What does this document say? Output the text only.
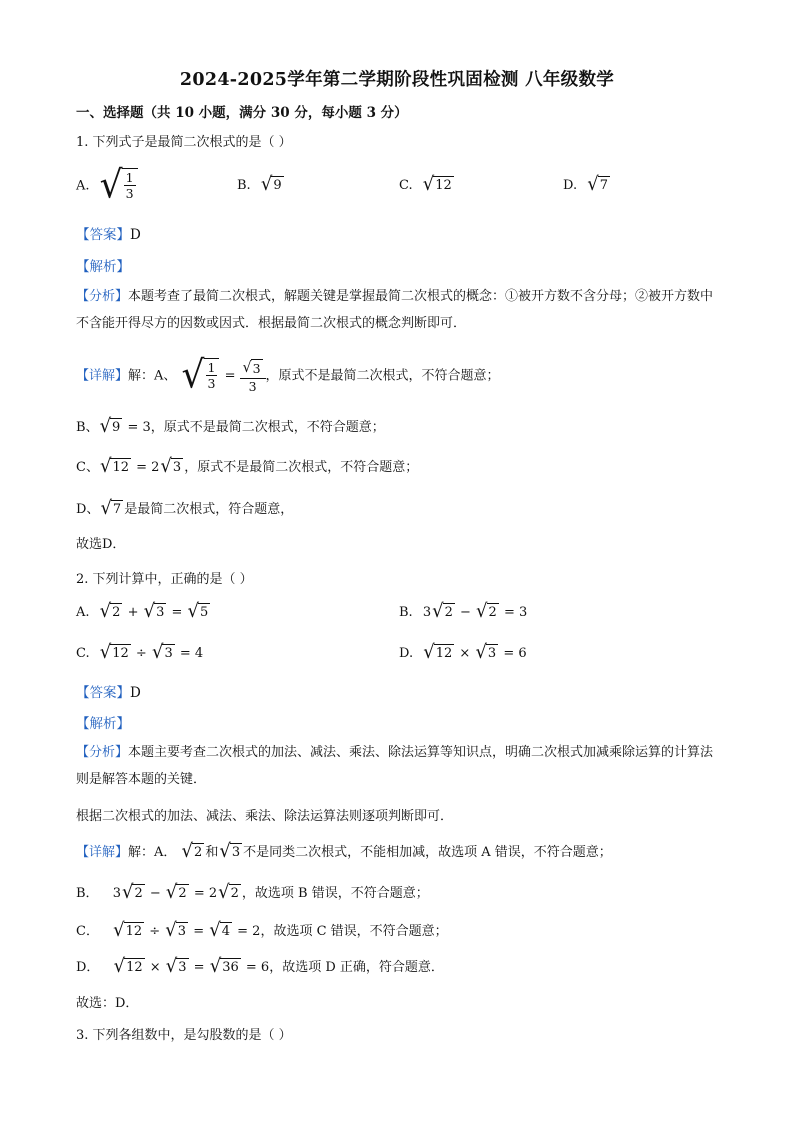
2024-2025学年第二学期阶段性巩固检测 八年级数学
一、选择题（共 10 小题，满分 30 分，每小题 3 分）
1. 下列式子是最简二次根式的是（ ）
A. √ $\frac{1}{3}$	B. √ 9	C. √ 12	D. √ 7
【答案】D
【解析】
【分析】本题考查了最简二次根式，解题关键是掌握最简二次根式的概念：①被开方数不含分母；②被开方数中不含能开得尽方的因数或因式．根据最简二次根式的概念判断即可．
【详解】解：A、 √ $\frac{1}{3} = \frac{√ 3}{3}$ ，原式不是最简二次根式，不符合题意；
B、 √ 9 = 3，原式不是最简二次根式，不符合题意；
C、 √ 12 = 2 √ 3 ，原式不是最简二次根式，不符合题意；
D、 √ 7 是最简二次根式，符合题意，
故选D．
2. 下列计算中，正确的是（ ）
A. √ 2 + √ 3 = √ 5	B. 3 √ 2 − √ 2 = 3
C. √ 12 ÷ √ 3 = 4	D. √ 12 × √ 3 = 6
【答案】D
【解析】
【分析】本题主要考查二次根式的加法、减法、乘法、除法运算等知识点，明确二次根式加减乘除运算的计算法则是解答本题的关键．
根据二次根式的加法、减法、乘法、除法运算法则逐项判断即可．
【详解】解：A． √ 2 和 √ 3 不是同类二次根式，不能相加减，故选项 A 错误，不符合题意；
B． 3 √ 2 − √ 2 = 2 √ 2 ，故选项 B 错误，不符合题意；
C． √ 12 ÷ √ 3 = √ 4 = 2，故选项 C 错误，不符合题意；
D． √ 12 × √ 3 = √ 36 = 6，故选项 D 正确，符合题意．
故选：D．
3. 下列各组数中，是勾股数的是（ ）
